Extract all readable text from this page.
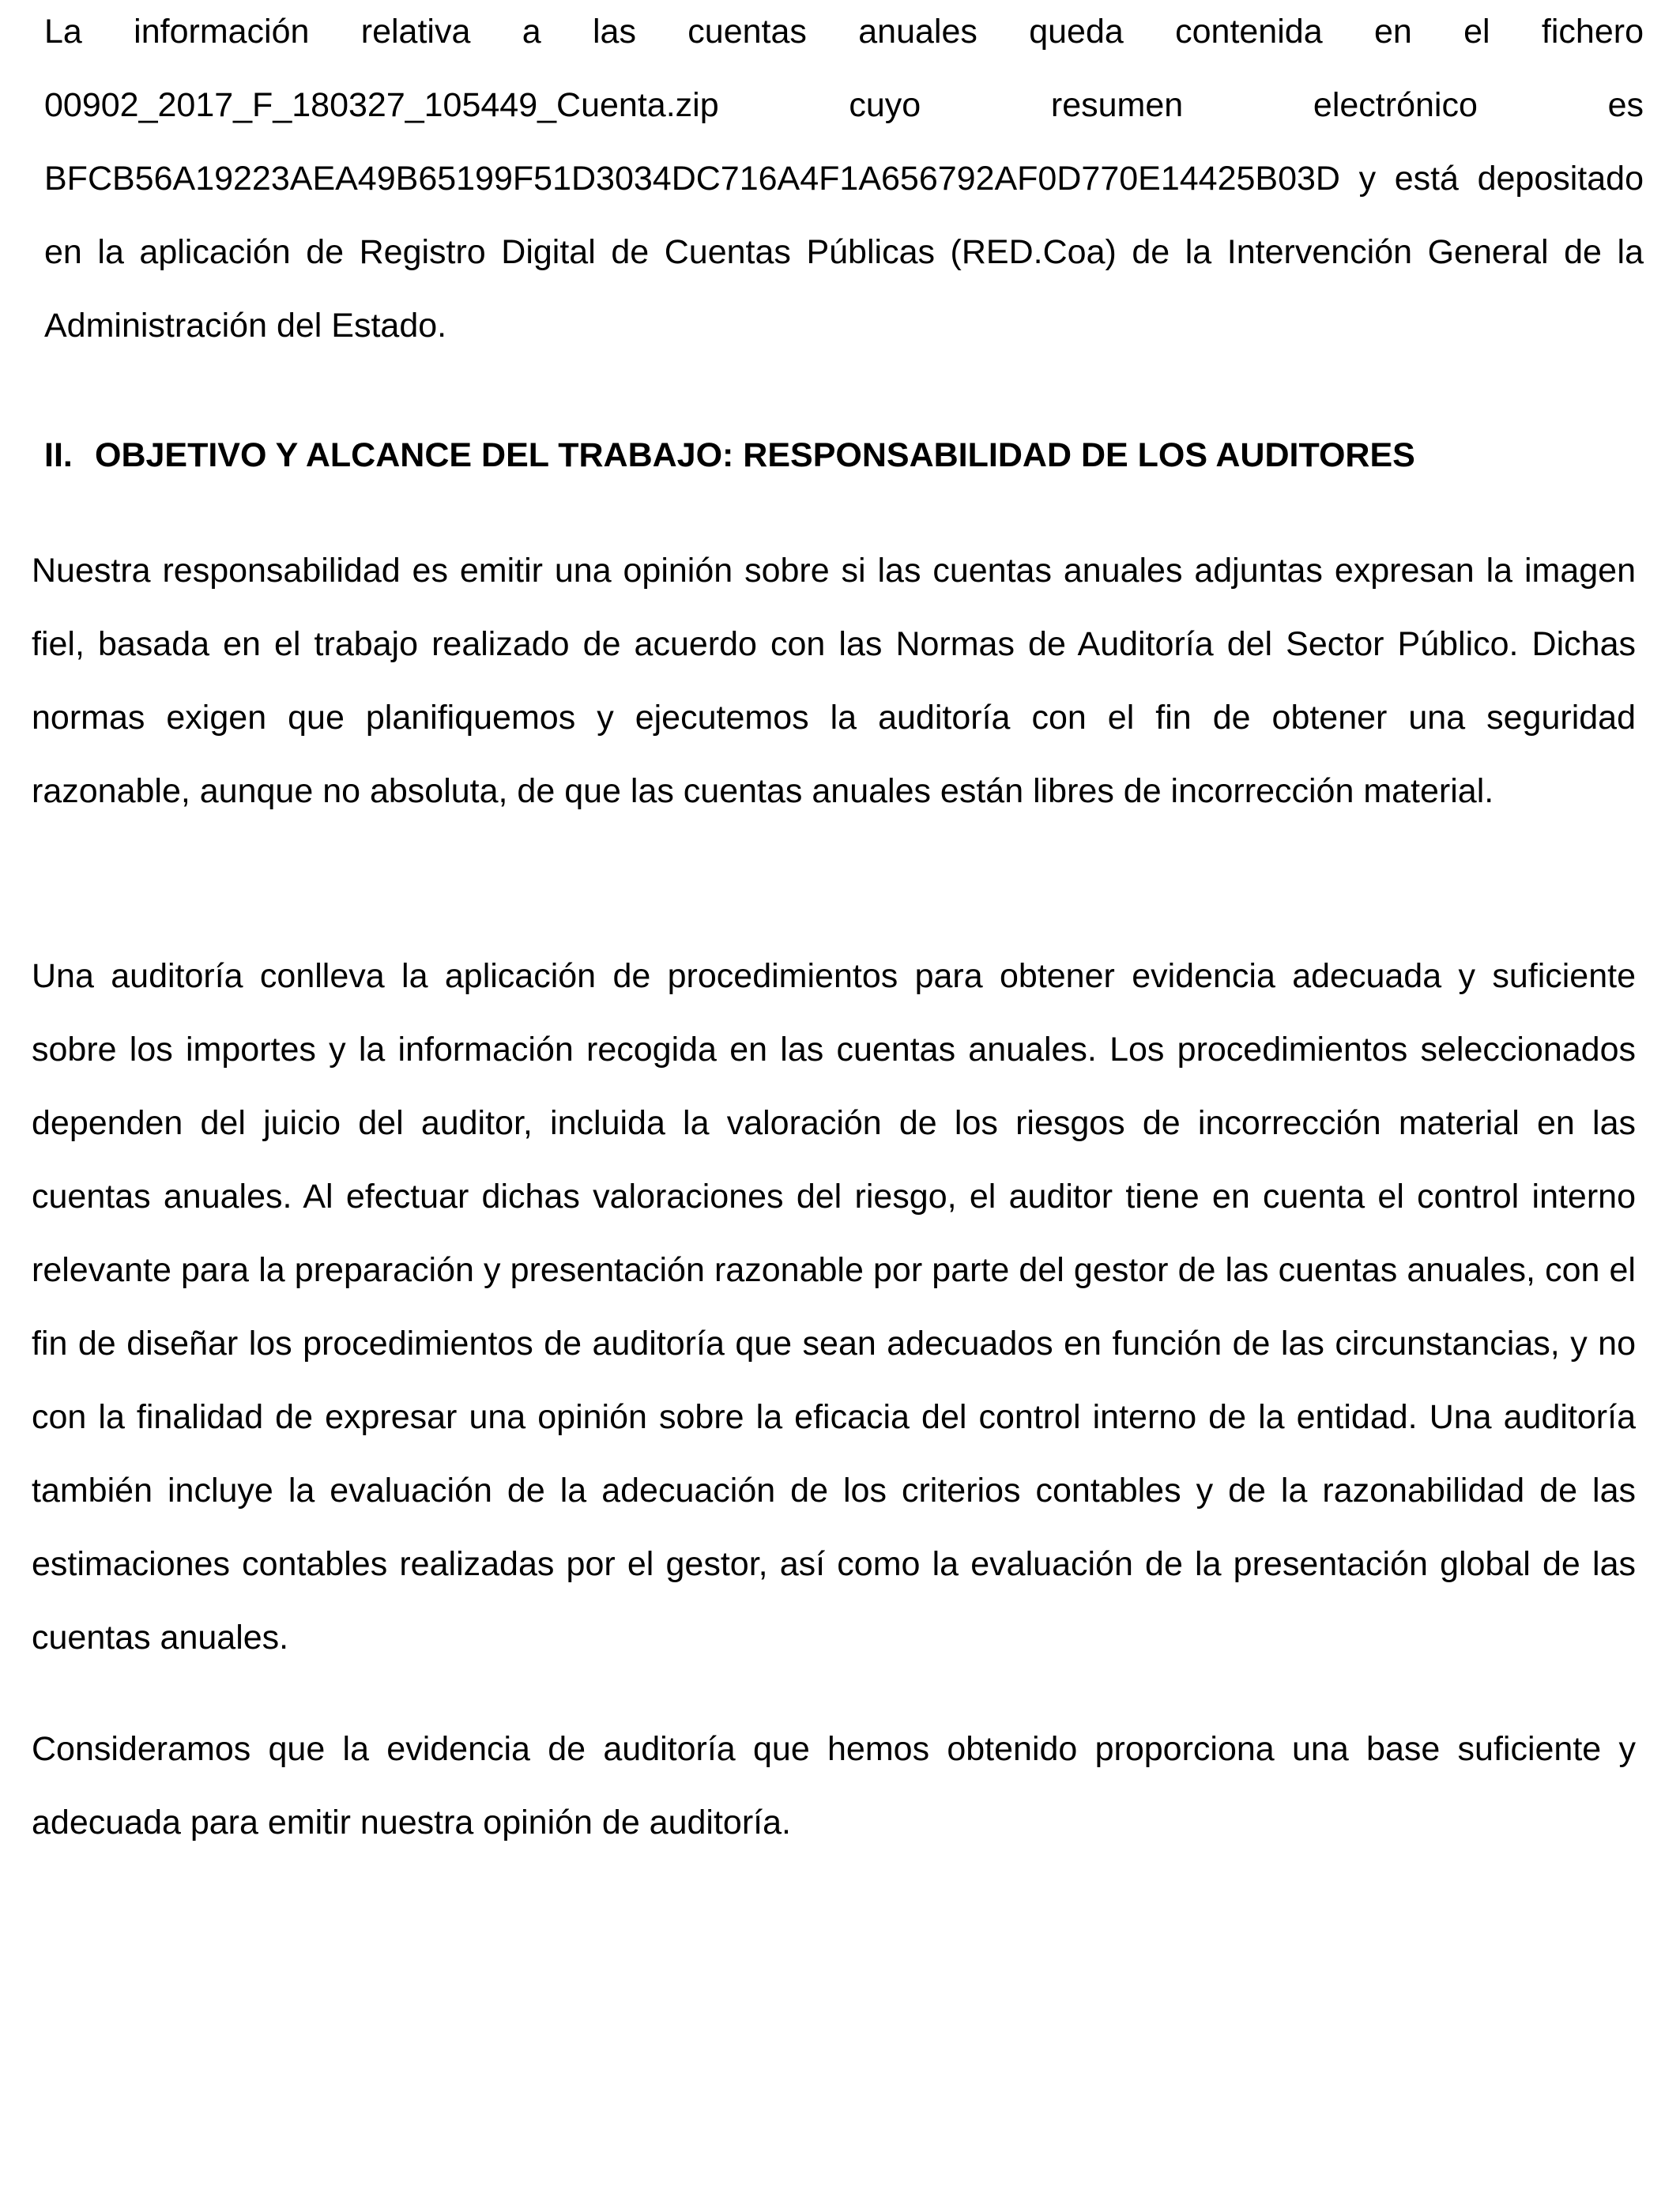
La información relativa a las cuentas anuales queda contenida en el fichero 00902_2017_F_180327_105449_Cuenta.zip cuyo resumen electrónico es BFCB56A19223AEA49B65199F51D3034DC716A4F1A656792AF0D770E14425B03D y está depositado en la aplicación de Registro Digital de Cuentas Públicas (RED.Coa) de la Intervención General de la Administración del Estado.

II. OBJETIVO Y ALCANCE DEL TRABAJO: RESPONSABILIDAD DE LOS AUDITORES

Nuestra responsabilidad es emitir una opinión sobre si las cuentas anuales adjuntas expresan la imagen fiel, basada en el trabajo realizado de acuerdo con las Normas de Auditoría del Sector Público. Dichas normas exigen que planifiquemos y ejecutemos la auditoría con el fin de obtener una seguridad razonable, aunque no absoluta, de que las cuentas anuales están libres de incorrección material.

Una auditoría conlleva la aplicación de procedimientos para obtener evidencia adecuada y suficiente sobre los importes y la información recogida en las cuentas anuales. Los procedimientos seleccionados dependen del juicio del auditor, incluida la valoración de los riesgos de incorrección material en las cuentas anuales. Al efectuar dichas valoraciones del riesgo, el auditor tiene en cuenta el control interno relevante para la preparación y presentación razonable por parte del gestor de las cuentas anuales, con el fin de diseñar los procedimientos de auditoría que sean adecuados en función de las circunstancias, y no con la finalidad de expresar una opinión sobre la eficacia del control interno de la entidad. Una auditoría también incluye la evaluación de la adecuación de los criterios contables y de la razonabilidad de las estimaciones contables realizadas por el gestor, así como la evaluación de la presentación global de las cuentas anuales.

Consideramos que la evidencia de auditoría que hemos obtenido proporciona una base suficiente y adecuada para emitir nuestra opinión de auditoría.
